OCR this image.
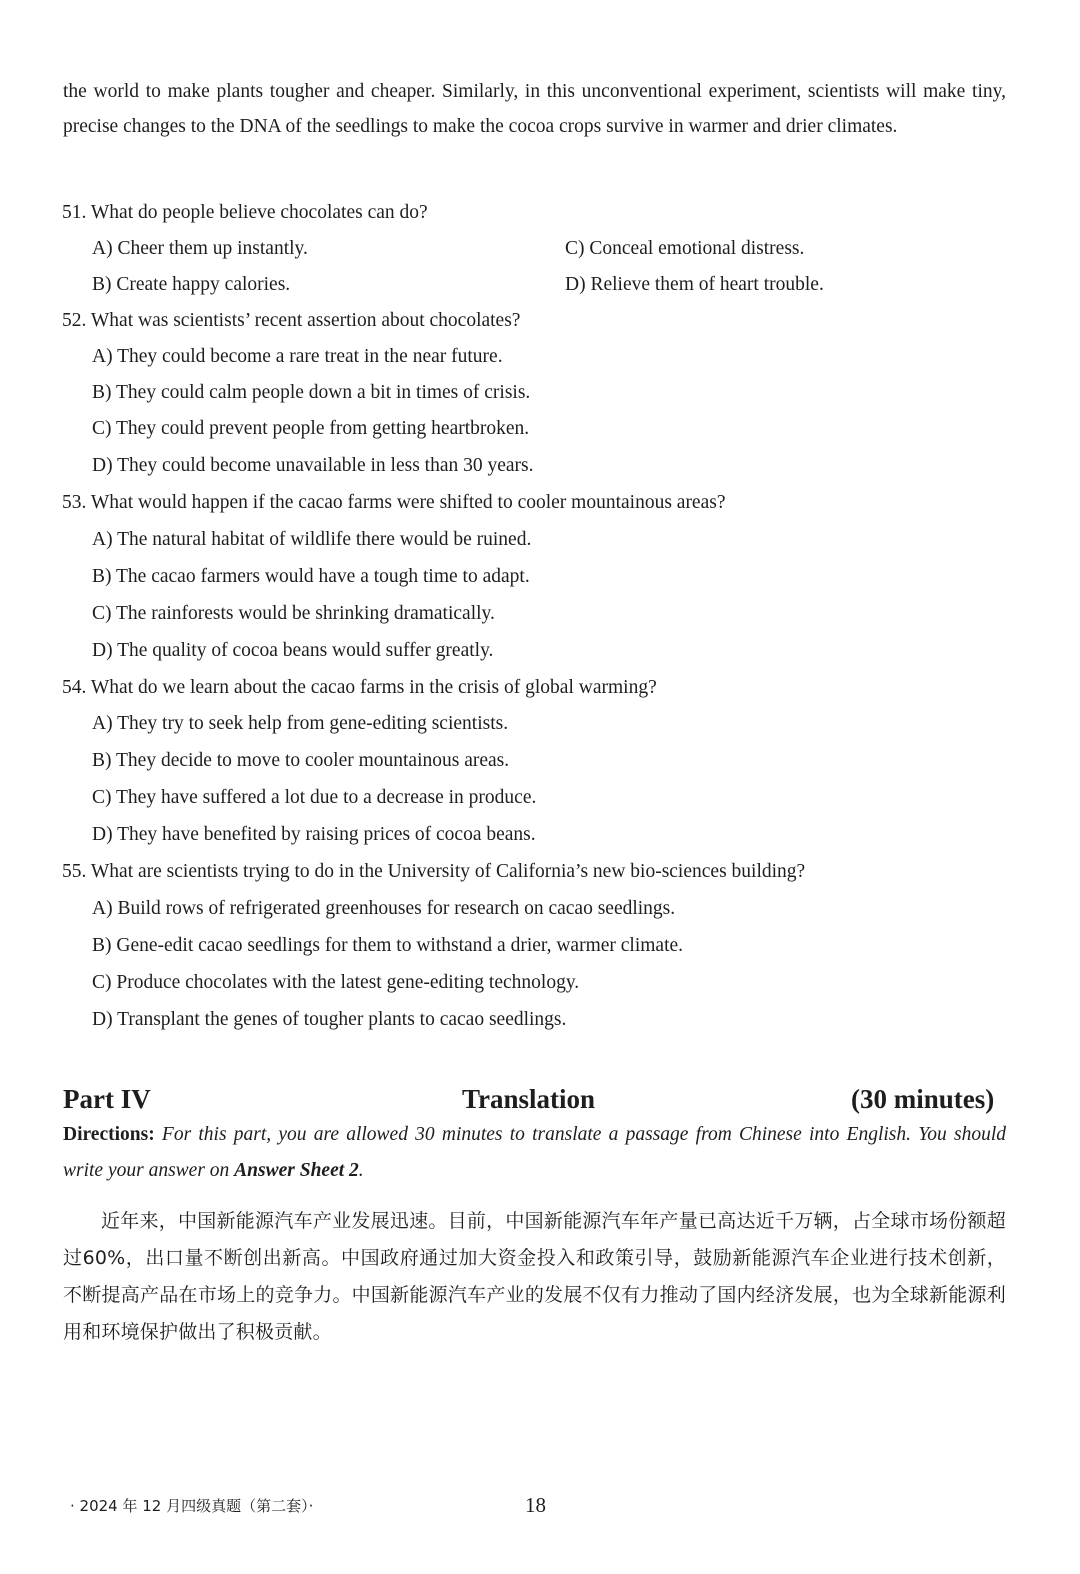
the world to make plants tougher and cheaper. Similarly, in this unconventional experiment, scientists will make tiny, precise changes to the DNA of the seedlings to make the cocoa crops survive in warmer and drier climates.

51. What do people believe chocolates can do?
A) Cheer them up instantly.	C) Conceal emotional distress.
B) Create happy calories.	D) Relieve them of heart trouble.
52. What was scientists’ recent assertion about chocolates?
A) They could become a rare treat in the near future.
B) They could calm people down a bit in times of crisis.
C) They could prevent people from getting heartbroken.
D) They could become unavailable in less than 30 years.
53. What would happen if the cacao farms were shifted to cooler mountainous areas?
A) The natural habitat of wildlife there would be ruined.
B) The cacao farmers would have a tough time to adapt.
C) The rainforests would be shrinking dramatically.
D) The quality of cocoa beans would suffer greatly.
54. What do we learn about the cacao farms in the crisis of global warming?
A) They try to seek help from gene-editing scientists.
B) They decide to move to cooler mountainous areas.
C) They have suffered a lot due to a decrease in produce.
D) They have benefited by raising prices of cocoa beans.
55. What are scientists trying to do in the University of California’s new bio-sciences building?
A) Build rows of refrigerated greenhouses for research on cacao seedlings.
B) Gene-edit cacao seedlings for them to withstand a drier, warmer climate.
C) Produce chocolates with the latest gene-editing technology.
D) Transplant the genes of tougher plants to cacao seedlings.
Part IV	Translation	(30 minutes)

Directions: For this part, you are allowed 30 minutes to translate a passage from Chinese into English. You should write your answer on Answer Sheet 2.

近年来，中国新能源汽车产业发展迅速。目前，中国新能源汽车年产量已高达近千万辆，占全球市场份额超过60%，出口量不断创出新高。中国政府通过加大资金投入和政策引导，鼓励新能源汽车企业进行技术创新，不断提高产品在市场上的竞争力。中国新能源汽车产业的发展不仅有力推动了国内经济发展，也为全球新能源利用和环境保护做出了积极贡献。

· 2024 年 12 月四级真题（第二套）·	18
